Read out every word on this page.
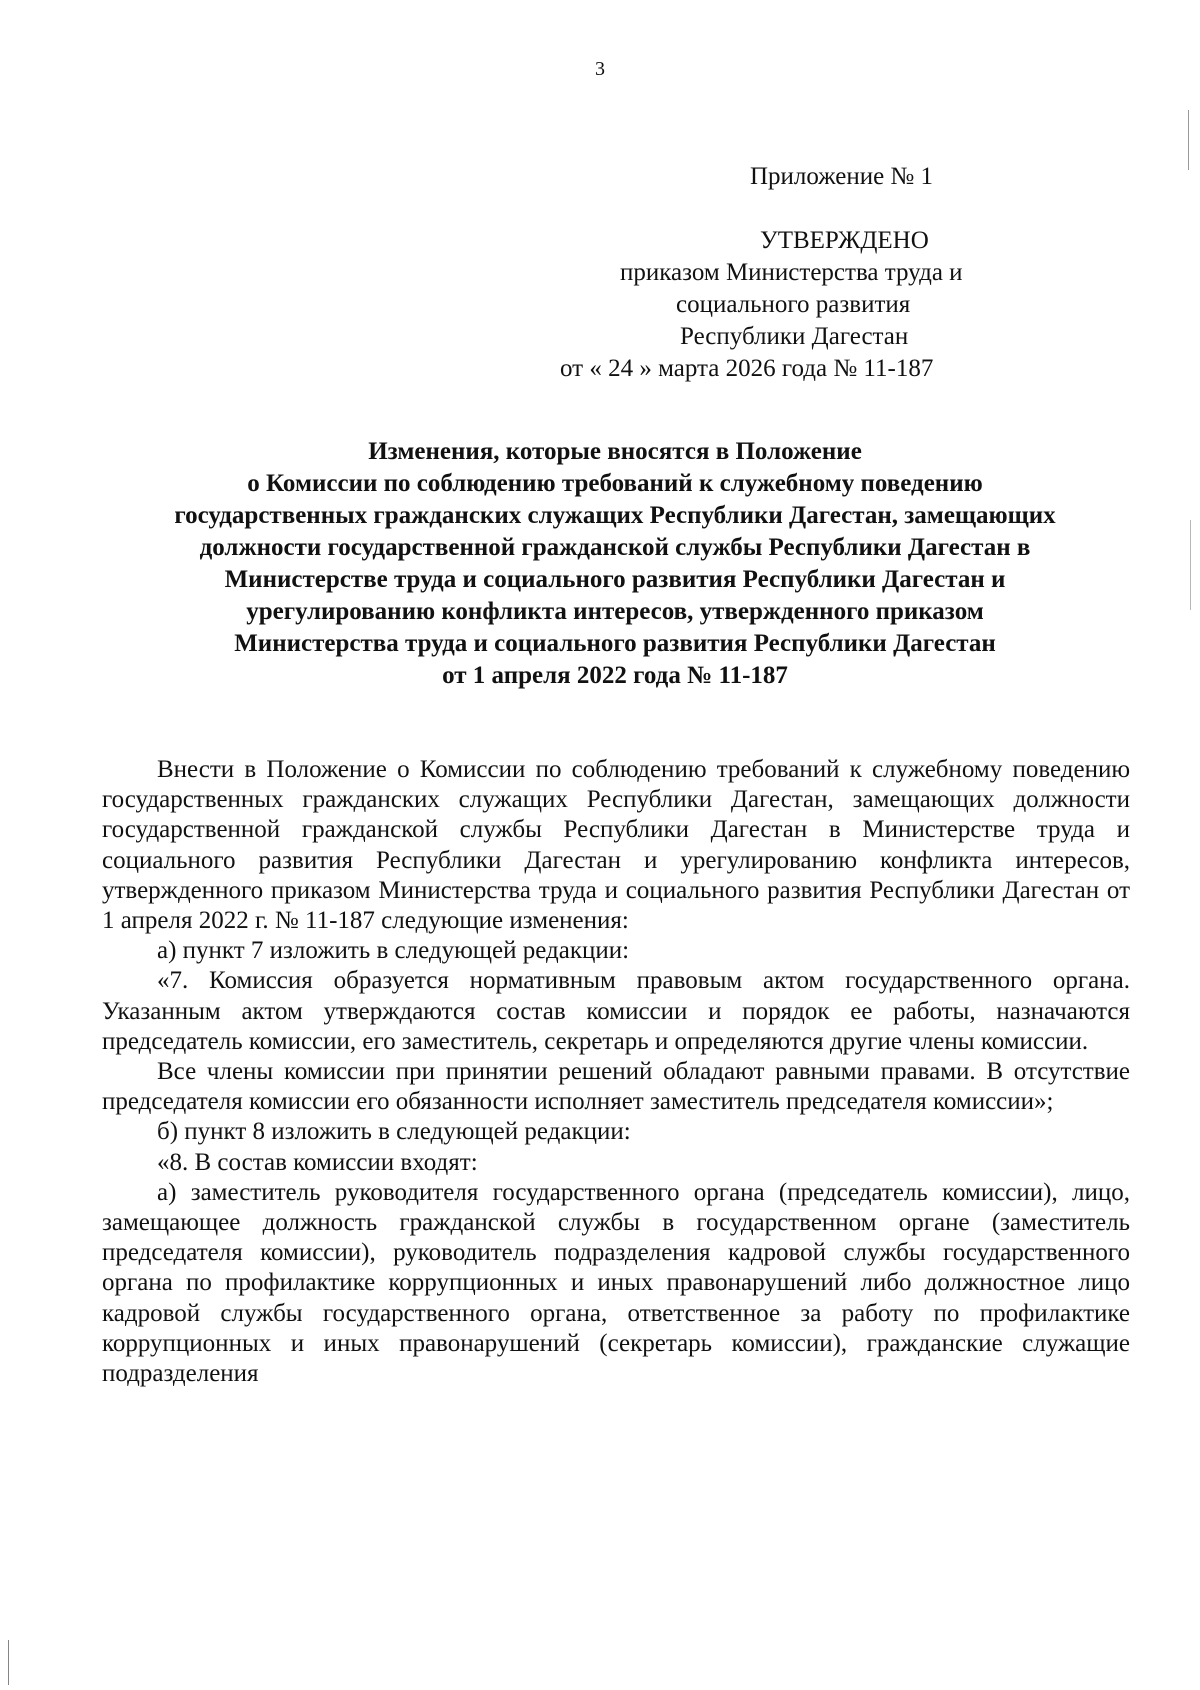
3
Приложение № 1
УТВЕРЖДЕНО
приказом Министерства труда и
социального развития
Республики Дагестан
от « 24 » марта 2026 года № 11-187
Изменения, которые вносятся в Положение
о Комиссии по соблюдению требований к служебному поведению
государственных гражданских служащих Республики Дагестан, замещающих
должности государственной гражданской службы Республики Дагестан в
Министерстве труда и социального развития Республики Дагестан и
урегулированию конфликта интересов, утвержденного приказом
Министерства труда и социального развития Республики Дагестан
от 1 апреля 2022 года № 11-187

Внести в Положение о Комиссии по соблюдению требований к служебному поведению государственных гражданских служащих Республики Дагестан, замещающих должности государственной гражданской службы Республики Дагестан в Министерстве труда и социального развития Республики Дагестан и урегулированию конфликта интересов, утвержденного приказом Министерства труда и социального развития Республики Дагестан от 1 апреля 2022 г. № 11-187 следующие изменения:

а) пункт 7 изложить в следующей редакции:

«7. Комиссия образуется нормативным правовым актом государственного органа. Указанным актом утверждаются состав комиссии и порядок ее работы, назначаются председатель комиссии, его заместитель, секретарь и определяются другие члены комиссии.

Все члены комиссии при принятии решений обладают равными правами. В отсутствие председателя комиссии его обязанности исполняет заместитель председателя комиссии»;

б) пункт 8 изложить в следующей редакции:

«8. В состав комиссии входят:

а) заместитель руководителя государственного органа (председатель комиссии), лицо, замещающее должность гражданской службы в государственном органе (заместитель председателя комиссии), руководитель подразделения кадровой службы государственного органа по профилактике коррупционных и иных правонарушений либо должностное лицо кадровой службы государственного органа, ответственное за работу по профилактике коррупционных и иных правонарушений (секретарь комиссии), гражданские служащие подразделения
